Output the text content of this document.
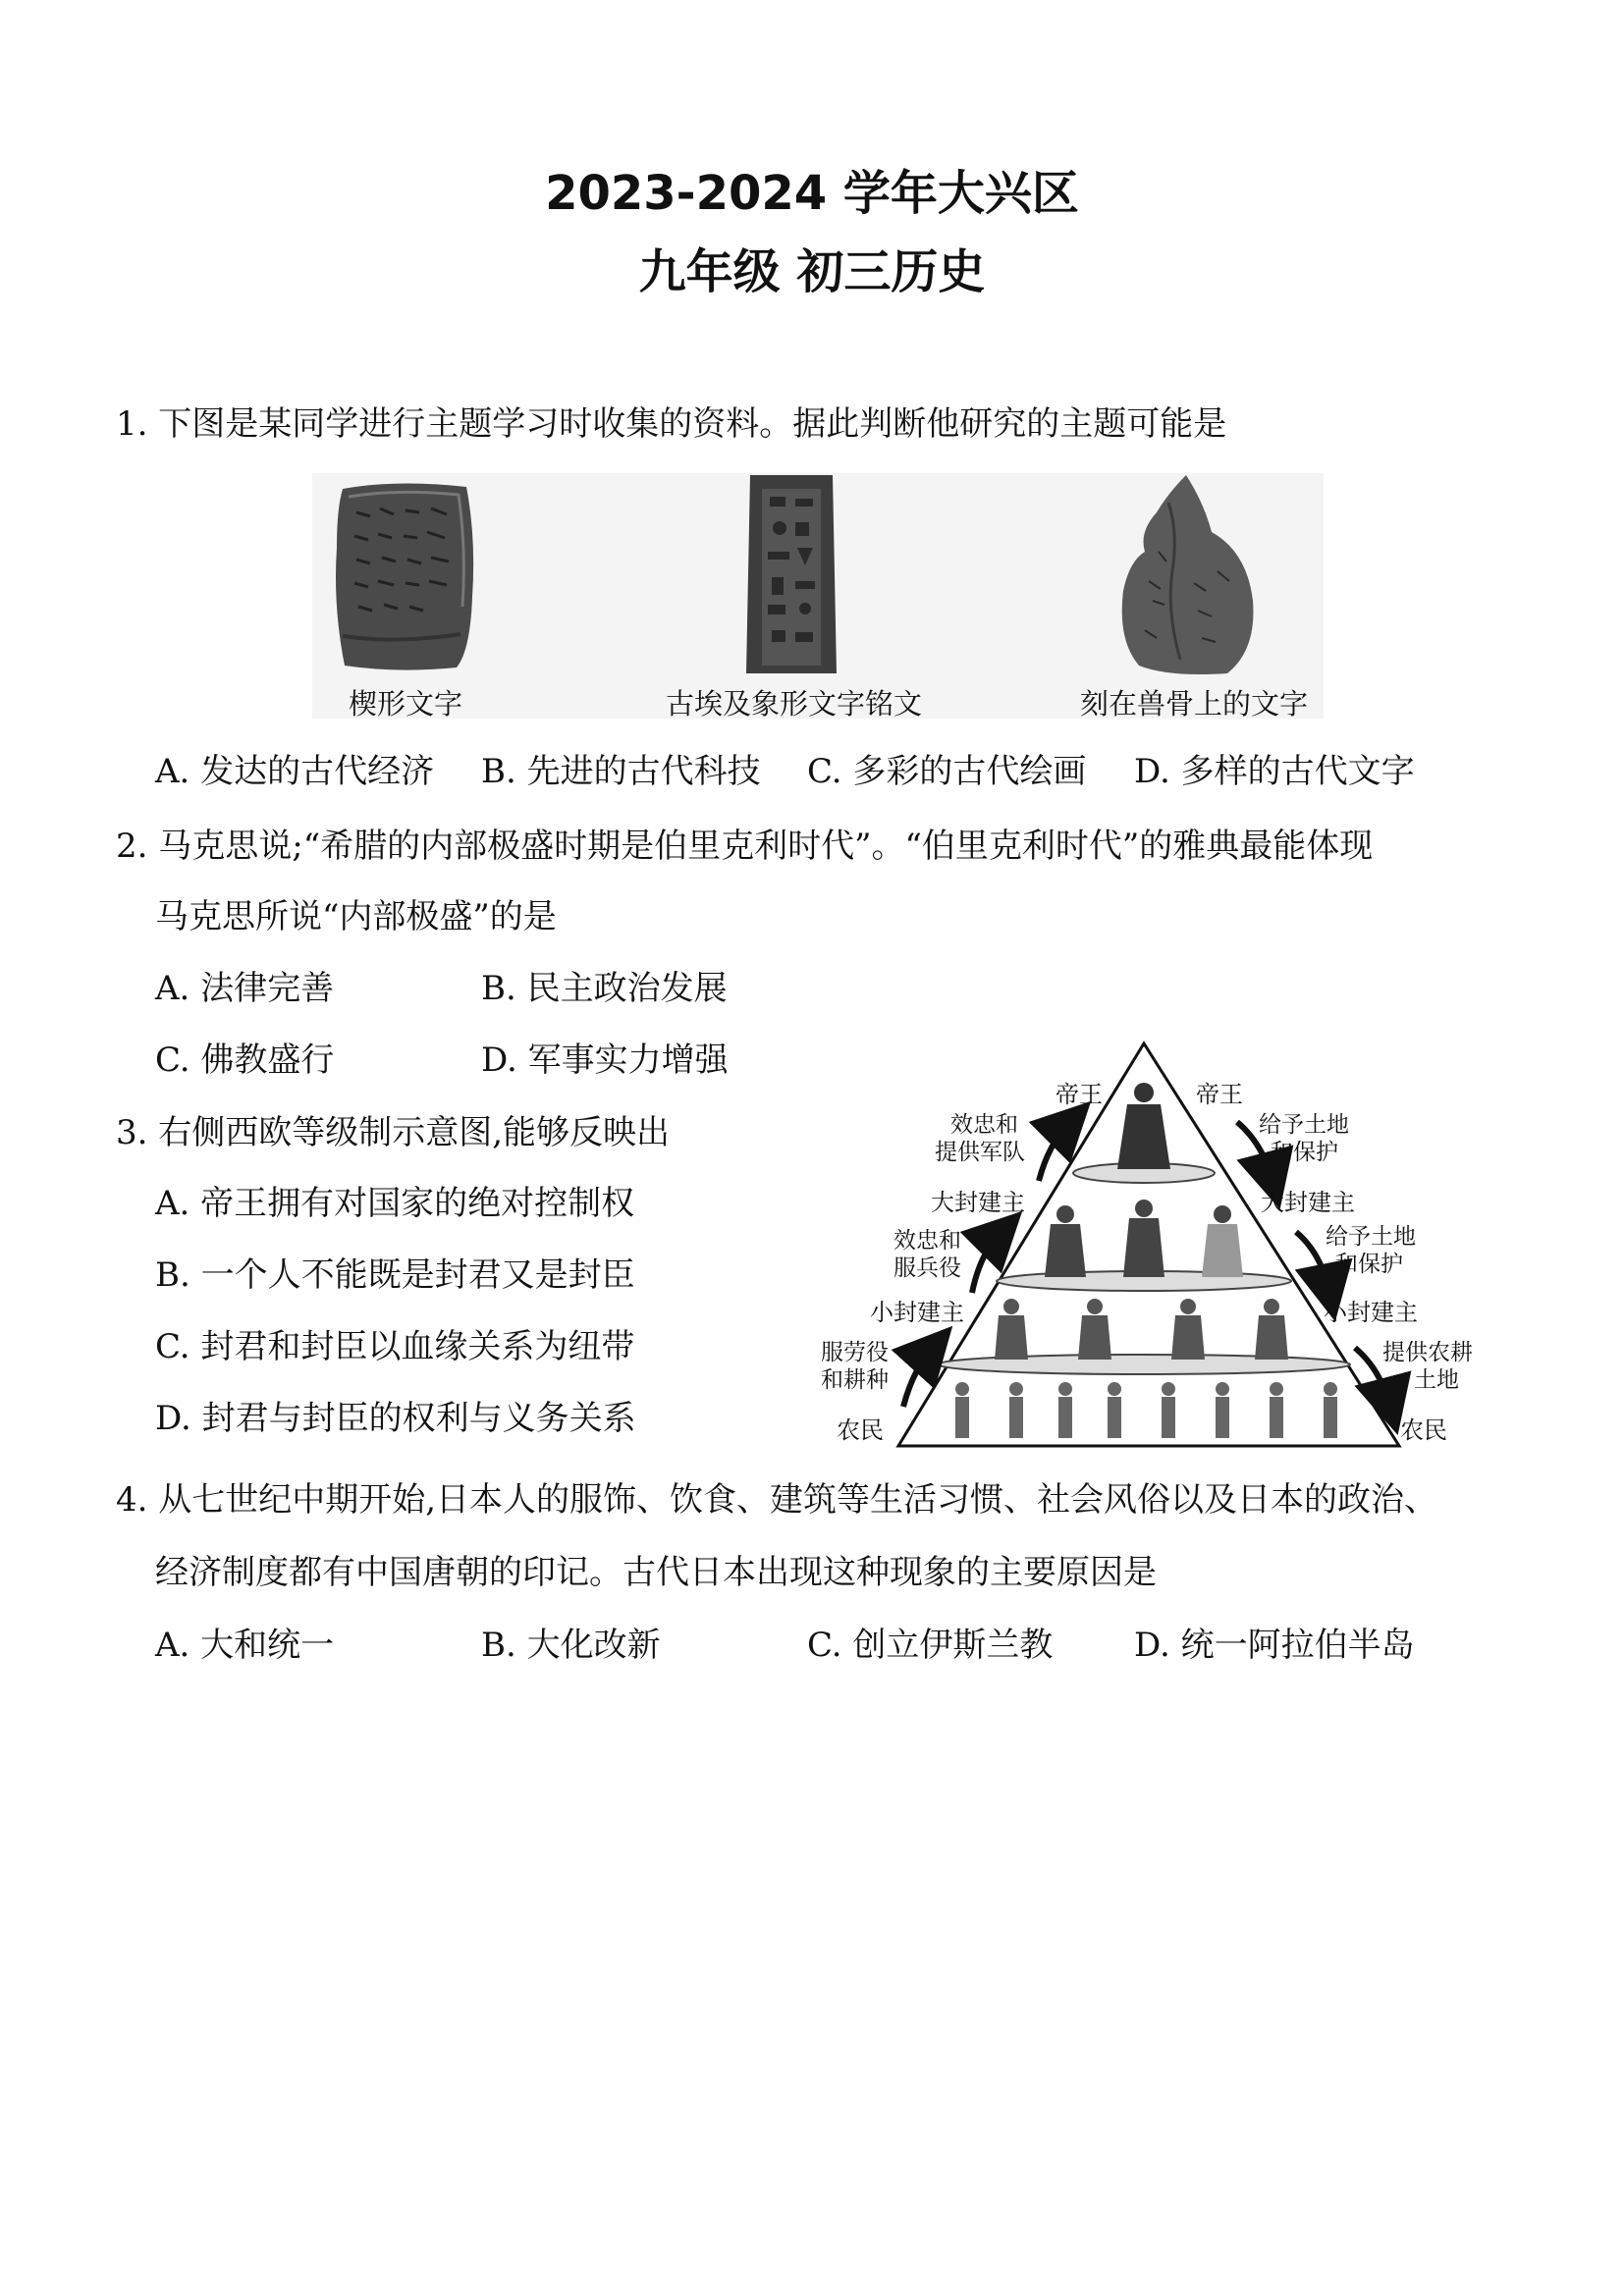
2023-2024 学年大兴区
九年级 初三历史
1. 下图是某同学进行主题学习时收集的资料。据此判断他研究的主题可能是
楔形文字	古埃及象形文字铭文	刻在兽骨上的文字
A. 发达的古代经济 B. 先进的古代科技 C. 多彩的古代绘画 D. 多样的古代文字
2. 马克思说;“希腊的内部极盛时期是伯里克利时代”。“伯里克利时代”的雅典最能体现
马克思所说“内部极盛”的是
A. 法律完善	B. 民主政治发展
C. 佛教盛行	D. 军事实力增强
3. 右侧西欧等级制示意图,能够反映出
A. 帝王拥有对国家的绝对控制权
B. 一个人不能既是封君又是封臣
C. 封君和封臣以血缘关系为纽带
D. 封君与封臣的权利与义务关系
帝王
效忠和
提供军队
大封建主
效忠和
服兵役
小封建主
服劳役
和耕种
农民
帝王
给予土地
和保护
大封建主
给予土地
和保护
小封建主
提供农耕
土地
农民
4. 从七世纪中期开始,日本人的服饰、饮食、建筑等生活习惯、社会风俗以及日本的政治、
经济制度都有中国唐朝的印记。古代日本出现这种现象的主要原因是
A. 大和统一	B. 大化改新	C. 创立伊斯兰教 D. 统一阿拉伯半岛
